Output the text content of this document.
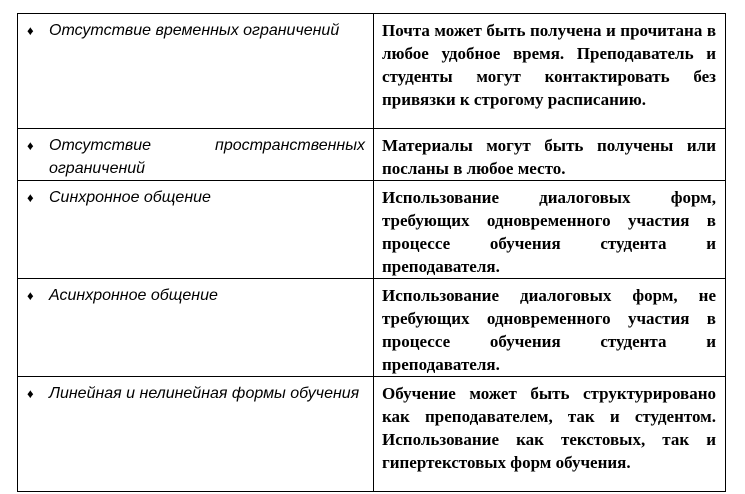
♦ Отсутствие временных ограничений	Почта может быть получена и прочитана в любое удобное время. Преподаватель и студенты могут контактировать без привязки к строгому расписанию.

♦ Отсутствие пространственных ограничений	Материалы могут быть получены или посланы в любое место.

♦ Синхронное общение	Использование диалоговых форм, требующих одновременного участия в процессе обучения студента и преподавателя.

♦ Асинхронное общение	Использование диалоговых форм, не требующих одновременного участия в процессе обучения студента и преподавателя.

♦ Линейная и нелинейная формы обучения	Обучение может быть структурировано как преподавателем, так и студентом. Использование как текстовых, так и гипертекстовых форм обучения.
